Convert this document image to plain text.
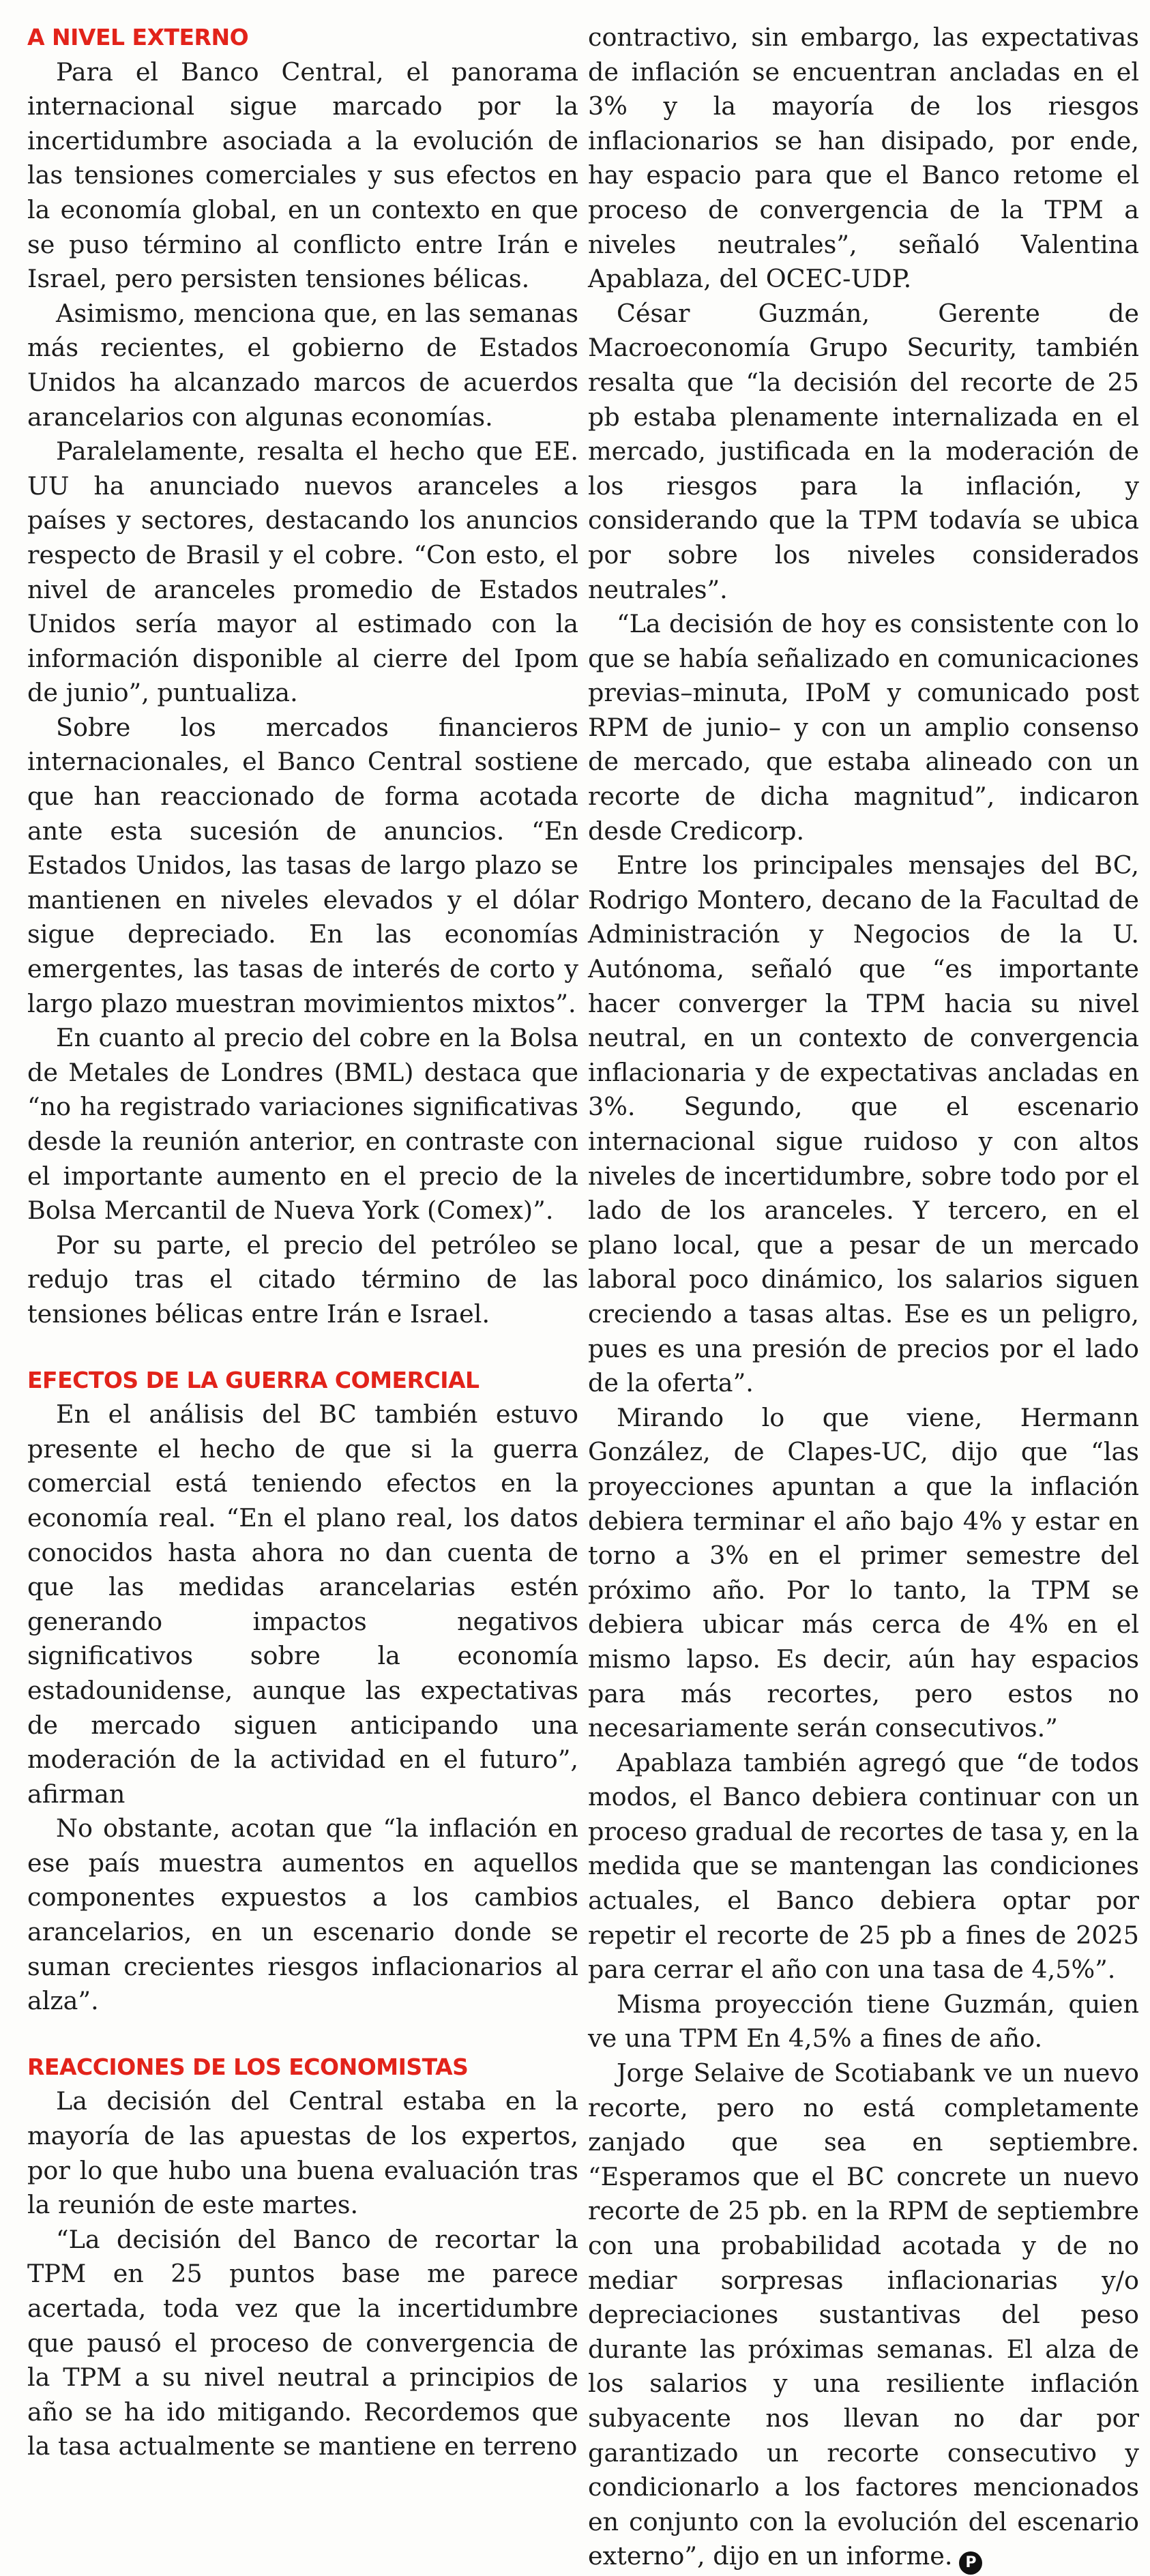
A NIVEL EXTERNO

Para el Banco Central, el panorama internacional sigue marcado por la incertidumbre asociada a la evolución de las tensiones comerciales y sus efectos en la economía global, en un contexto en que se puso término al conflicto entre Irán e Israel, pero persisten tensiones bélicas.

Asimismo, menciona que, en las semanas más recientes, el gobierno de Estados Unidos ha alcanzado marcos de acuerdos arancelarios con algunas economías.

Paralelamente, resalta el hecho que EE. UU ha anunciado nuevos aranceles a países y sectores, destacando los anuncios respecto de Brasil y el cobre. “Con esto, el nivel de aranceles promedio de Estados Unidos sería mayor al estimado con la información disponible al cierre del Ipom de junio”, puntualiza.

Sobre los mercados financieros internacionales, el Banco Central sostiene que han reaccionado de forma acotada ante esta sucesión de anuncios. “En Estados Unidos, las tasas de largo plazo se mantienen en niveles elevados y el dólar sigue depreciado. En las economías emergentes, las tasas de interés de corto y largo plazo muestran movimientos mixtos”.

En cuanto al precio del cobre en la Bolsa de Metales de Londres (BML) destaca que “no ha registrado variaciones significativas desde la reunión anterior, en contraste con el importante aumento en el precio de la Bolsa Mercantil de Nueva York (Comex)”.

Por su parte, el precio del petróleo se redujo tras el citado término de las tensiones bélicas entre Irán e Israel.

EFECTOS DE LA GUERRA COMERCIAL

En el análisis del BC también estuvo presente el hecho de que si la guerra comercial está teniendo efectos en la economía real. “En el plano real, los datos conocidos hasta ahora no dan cuenta de que las medidas arancelarias estén generando impactos negativos significativos sobre la economía estadounidense, aunque las expectativas de mercado siguen anticipando una moderación de la actividad en el futuro”, afirman

No obstante, acotan que “la inflación en ese país muestra aumentos en aquellos componentes expuestos a los cambios arancelarios, en un escenario donde se suman crecientes riesgos inflacionarios al alza”.

REACCIONES DE LOS ECONOMISTAS

La decisión del Central estaba en la mayoría de las apuestas de los expertos, por lo que hubo una buena evaluación tras la reunión de este martes.

“La decisión del Banco de recortar la TPM en 25 puntos base me parece acertada, toda vez que la incertidumbre que pausó el proceso de convergencia de la TPM a su nivel neutral a principios de año se ha ido mitigando. Recordemos que la tasa actualmente se mantiene en terreno

contractivo, sin embargo, las expectativas de inflación se encuentran ancladas en el 3% y la mayoría de los riesgos inflacionarios se han disipado, por ende, hay espacio para que el Banco retome el proceso de convergencia de la TPM a niveles neutrales”, señaló Valentina Apablaza, del OCEC-UDP.

César Guzmán, Gerente de Macroeconomía Grupo Security, también resalta que “la decisión del recorte de 25 pb estaba plenamente internalizada en el mercado, justificada en la moderación de los riesgos para la inflación, y considerando que la TPM todavía se ubica por sobre los niveles considerados neutrales”.

“La decisión de hoy es consistente con lo que se había señalizado en comunicaciones previas–minuta, IPoM y comunicado post RPM de junio– y con un amplio consenso de mercado, que estaba alineado con un recorte de dicha magnitud”, indicaron desde Credicorp.

Entre los principales mensajes del BC, Rodrigo Montero, decano de la Facultad de Administración y Negocios de la U. Autónoma, señaló que “es importante hacer converger la TPM hacia su nivel neutral, en un contexto de convergencia inflacionaria y de expectativas ancladas en 3%. Segundo, que el escenario internacional sigue ruidoso y con altos niveles de incertidumbre, sobre todo por el lado de los aranceles. Y tercero, en el plano local, que a pesar de un mercado laboral poco dinámico, los salarios siguen creciendo a tasas altas. Ese es un peligro, pues es una presión de precios por el lado de la oferta”.

Mirando lo que viene, Hermann González, de Clapes-UC, dijo que “las proyecciones apuntan a que la inflación debiera terminar el año bajo 4% y estar en torno a 3% en el primer semestre del próximo año. Por lo tanto, la TPM se debiera ubicar más cerca de 4% en el mismo lapso. Es decir, aún hay espacios para más recortes, pero estos no necesariamente serán consecutivos.”

Apablaza también agregó que “de todos modos, el Banco debiera continuar con un proceso gradual de recortes de tasa y, en la medida que se mantengan las condiciones actuales, el Banco debiera optar por repetir el recorte de 25 pb a fines de 2025 para cerrar el año con una tasa de 4,5%”.

Misma proyección tiene Guzmán, quien ve una TPM En 4,5% a fines de año.

Jorge Selaive de Scotiabank ve un nuevo recorte, pero no está completamente zanjado que sea en septiembre. “Esperamos que el BC concrete un nuevo recorte de 25 pb. en la RPM de septiembre con una probabilidad acotada y de no mediar sorpresas inflacionarias y/o depreciaciones sustantivas del peso durante las próximas semanas. El alza de los salarios y una resiliente inflación subyacente nos llevan no dar por garantizado un recorte consecutivo y condicionarlo a los factores mencionados en conjunto con la evolución del escenario externo”, dijo en un informe. P
